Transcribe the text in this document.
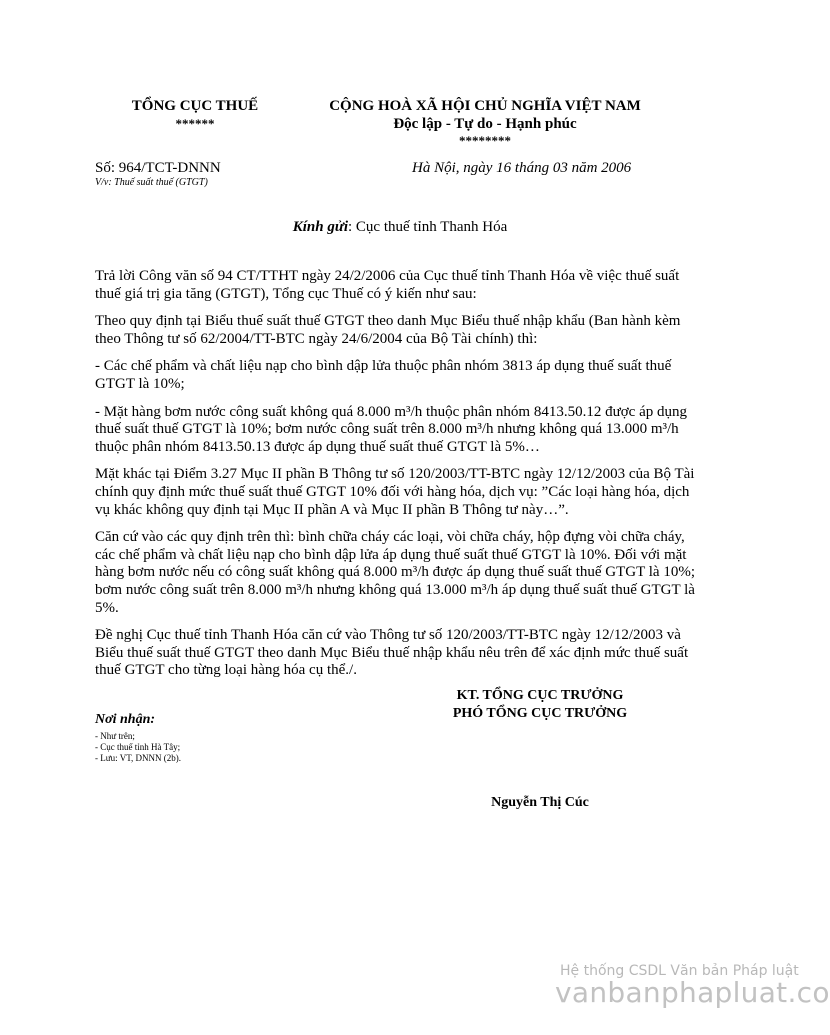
TỔNG CỤC THUẾ
******
CỘNG HOÀ XÃ HỘI CHỦ NGHĨA VIỆT NAM
Độc lập - Tự do - Hạnh phúc
********
Số: 964/TCT-DNNN
V/v: Thuế suất thuế (GTGT)
Hà Nội, ngày 16 tháng 03 năm 2006
Kính gửi: Cục thuế tỉnh Thanh Hóa

Trả lời Công văn số 94 CT/TTHT ngày 24/2/2006 của Cục thuế tỉnh Thanh Hóa về việc thuế suất thuế giá trị gia tăng (GTGT), Tổng cục Thuế có ý kiến như sau:

Theo quy định tại Biểu thuế suất thuế GTGT theo danh Mục Biểu thuế nhập khẩu (Ban hành kèm theo Thông tư số 62/2004/TT-BTC ngày 24/6/2004 của Bộ Tài chính) thì:

- Các chế phẩm và chất liệu nạp cho bình dập lửa thuộc phân nhóm 3813 áp dụng thuế suất thuế GTGT là 10%;

- Mặt hàng bơm nước công suất không quá 8.000 m³/h thuộc phân nhóm 8413.50.12 được áp dụng thuế suất thuế GTGT là 10%; bơm nước công suất trên 8.000 m³/h nhưng không quá 13.000 m³/h thuộc phân nhóm 8413.50.13 được áp dụng thuế suất thuế GTGT là 5%…

Mặt khác tại Điểm 3.27 Mục II phần B Thông tư số 120/2003/TT-BTC ngày 12/12/2003 của Bộ Tài chính quy định mức thuế suất thuế GTGT 10% đối với hàng hóa, dịch vụ: ”Các loại hàng hóa, dịch vụ khác không quy định tại Mục II phần A và Mục II phần B Thông tư này…”.

Căn cứ vào các quy định trên thì: bình chữa cháy các loại, vòi chữa cháy, hộp đựng vòi chữa cháy, các chế phẩm và chất liệu nạp cho bình dập lửa áp dụng thuế suất thuế GTGT là 10%. Đối với mặt hàng bơm nước nếu có công suất không quá 8.000 m³/h được áp dụng thuế suất thuế GTGT là 10%; bơm nước công suất trên 8.000 m³/h nhưng không quá 13.000 m³/h áp dụng thuế suất thuế GTGT là 5%.

Đề nghị Cục thuế tỉnh Thanh Hóa căn cứ vào Thông tư số 120/2003/TT-BTC ngày 12/12/2003 và Biểu thuế suất thuế GTGT theo danh Mục Biểu thuế nhập khẩu nêu trên để xác định mức thuế suất thuế GTGT cho từng loại hàng hóa cụ thể./.

KT. TỔNG CỤC TRƯỞNG
PHÓ TỔNG CỤC TRƯỞNG
Nơi nhận:
- Như trên;
- Cục thuế tỉnh Hà Tây;
- Lưu: VT, DNNN (2b).
Nguyễn Thị Cúc
Hệ thống CSDL Văn bản Pháp luật
vanbanphapluat.co
